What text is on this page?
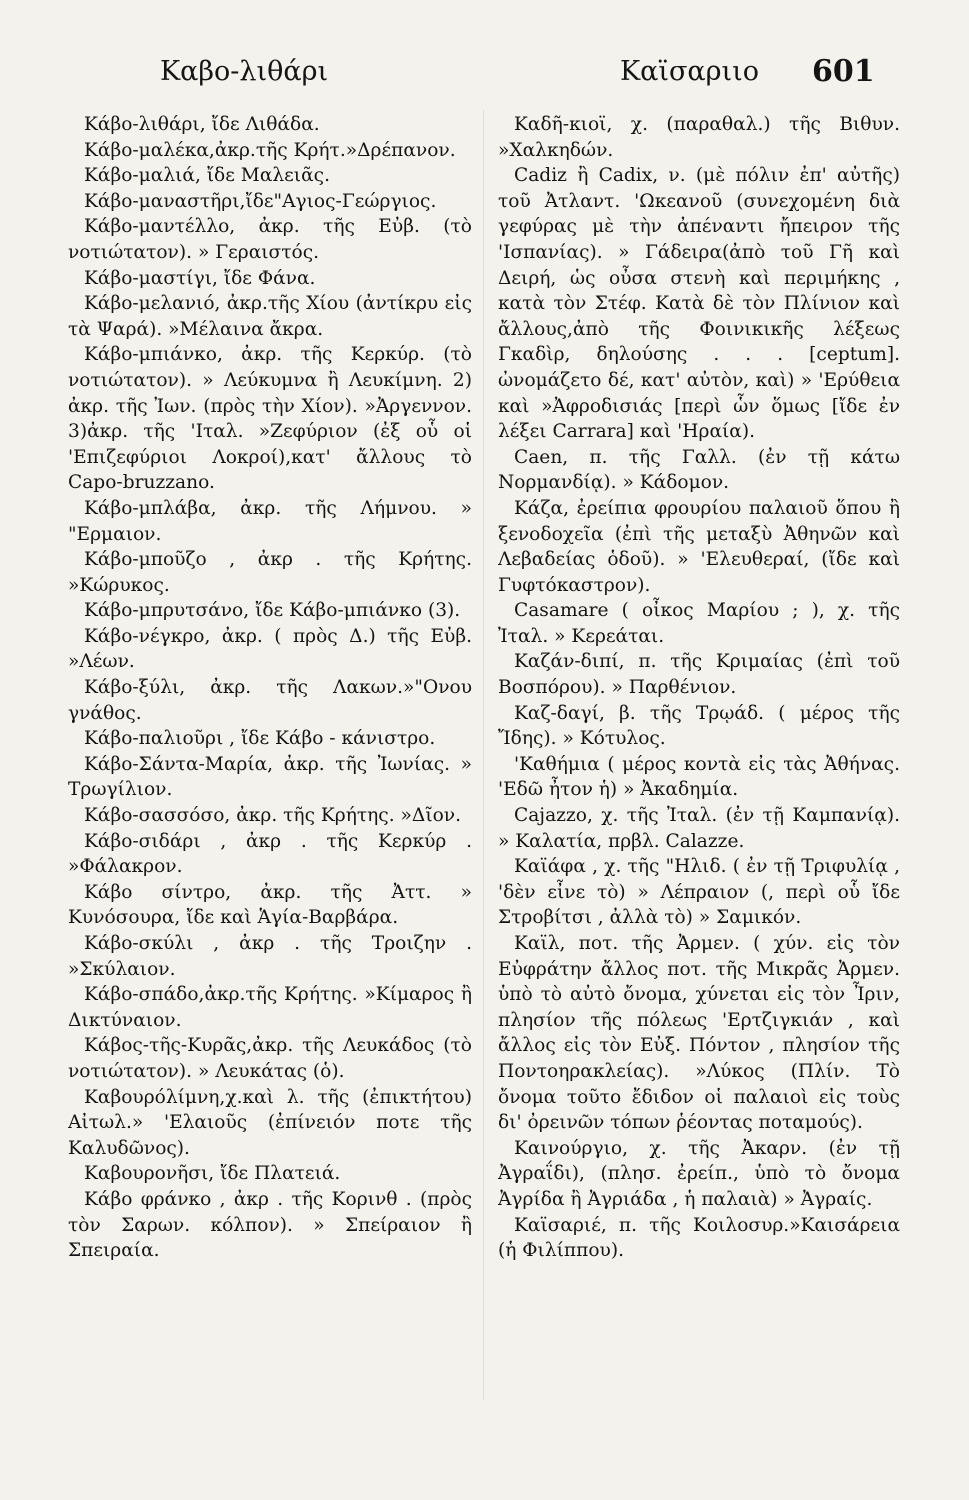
Καβο-λιθάρι	Καϊσαριιο 601

Κάβο-λιθάρι, ἴδε Λιθάδα.

Κάβο-μαλέκα,ἀκρ.τῆς Κρήτ.»Δρέπανον.

Κάβο-μαλιά, ἴδε Μαλειᾶς.

Κάβο-μαναστῆρι,ἴδε"Αγιος-Γεώργιος.

Κάβο-μαντέλλο, ἀκρ. τῆς Εὐβ. (τὸ νοτιώτατον). » Γεραιστός.

Κάβο-μαστίγι, ἴδε Φάνα.

Κάβο-μελανιό, ἀκρ.τῆς Χίου (ἀντίκρυ εἰς τὰ Ψαρά). »Μέλαινα ἄκρα.

Κάβο-μπιάνκο, ἀκρ. τῆς Κερκύρ. (τὸ νοτιώτατον). » Λεύκυμνα ἢ Λευκίμνη. 2) ἀκρ. τῆς Ἰων. (πρὸς τὴν Χίον). »Ἀργεννον. 3)ἀκρ. τῆς 'Ιταλ. »Ζεφύριον (ἐξ οὗ οἱ 'Επιζεφύριοι Λοκροί),κατ' ἄλλους τὸ Capo-bruzzano.

Κάβο-μπλάβα, ἀκρ. τῆς Λήμνου. » "Ερμαιον.

Κάβο-μποῦζο , ἀκρ . τῆς Κρήτης. »Κώρυκος.

Κάβο-μπρυτσάνο, ἴδε Κάβο-μπιάνκο (3).

Κάβο-νέγκρο, ἀκρ. ( πρὸς Δ.) τῆς Εὐβ. »Λέων.

Κάβο-ξύλι, ἀκρ. τῆς Λακων.»"Ονου γνάθος.

Κάβο-παλιοῦρι , ἴδε Κάβο - κάνιστρο.

Κάβο-Σάντα-Μαρία, ἀκρ. τῆς Ἰωνίας. » Τρωγίλιον.

Κάβο-σασσόσο, ἀκρ. τῆς Κρήτης. »Δῖον.

Κάβο-σιδάρι , ἀκρ . τῆς Κερκύρ . »Φάλακρον.

Κάβο σίντρο, ἀκρ. τῆς Ἀττ. » Κυνόσουρα, ἴδε καὶ Ἁγία-Βαρβάρα.

Κάβο-σκύλι , ἀκρ . τῆς Τροιζην . »Σκύλαιον.

Κάβο-σπάδο,ἀκρ.τῆς Κρήτης. »Κίμαρος ἢ Δικτύναιον.

Κάβος-τῆς-Κυρᾶς,ἀκρ. τῆς Λευκάδος (τὸ νοτιώτατον). » Λευκάτας (ὁ).

Καβουρόλίμνη,χ.καὶ λ. τῆς (ἐπικτήτου) Αἰτωλ.» 'Ελαιοῦς (ἐπίνειόν ποτε τῆς Καλυδῶνος).

Καβουρονῆσι, ἴδε Πλατειά.

Κάβο φράνκο , ἀκρ . τῆς Κορινθ . (πρὸς τὸν Σαρων. κόλπον). » Σπείραιον ἢ Σπειραία.

Καδῆ-κιοϊ, χ. (παραθαλ.) τῆς Βιθυν. »Χαλκηδών.

Cadiz ἢ Cadix, ν. (μὲ πόλιν ἐπ' αὐτῆς) τοῦ Ἀτλαντ. 'Ωκεανοῦ (συνεχομένη διὰ γεφύρας μὲ τὴν ἀπέναντι ἤπειρον τῆς 'Ισπανίας). » Γάδειρα(ἀπὸ τοῦ Γῆ καὶ Δειρή, ὡς οὖσα στενὴ καὶ περιμήκης , κατὰ τὸν Στέφ. Κατὰ δὲ τὸν Πλίνιον καὶ ἄλλους,ἀπὸ τῆς Φοινικικῆς λέξεως Γκαδὶρ, δηλούσης . . . [ceptum]. ὠνομάζετο δέ, κατ' αὐτὸν, καὶ) » 'Ερύθεια καὶ »Ἀφροδισιάς [περὶ ὧν ὅμως [ἴδε ἐν λέξει Carrara] καὶ 'Ηραία).

Caen, π. τῆς Γαλλ. (ἐν τῇ κάτω Νορμανδίᾳ). » Κάδομον.

Κάζα, ἐρείπια φρουρίου παλαιοῦ ὅπου ἢ ξενοδοχεῖα (ἐπὶ τῆς μεταξὺ Ἀθηνῶν καὶ Λεβαδείας ὁδοῦ). » 'Ελευθεραί, (ἴδε καὶ Γυφτόκαστρον).

Casamare ( οἶκος Μαρίου ; ), χ. τῆς Ἰταλ. » Κερεάται.

Καζάν-διπί, π. τῆς Κριμαίας (ἐπὶ τοῦ Βοσπόρου). » Παρθένιον.

Καζ-δαγί, β. τῆς Τρῳάδ. ( μέρος τῆς Ἴδης). » Κότυλος.

'Καθήμια ( μέρος κοντὰ εἰς τὰς Ἀθήνας. 'Εδῶ ἦτον ἡ) » Ἀκαδημία.

Cajazzo, χ. τῆς Ἰταλ. (ἐν τῇ Καμπανίᾳ). » Καλατία, πρβλ. Calazze.

Καϊάφα , χ. τῆς "Ηλιδ. ( ἐν τῇ Τριφυλίᾳ , 'δὲν εἶνε τὸ) » Λέπραιον (, περὶ οὗ ἴδε Στροβίτσι , ἀλλὰ τὸ) » Σαμικόν.

Καϊλ, ποτ. τῆς Ἀρμεν. ( χύν. εἰς τὸν Εὐφράτην ἄλλος ποτ. τῆς Μικρᾶς Ἀρμεν. ὑπὸ τὸ αὐτὸ ὄνομα, χύνεται εἰς τὸν Ἶριν, πλησίον τῆς πόλεως 'Ερτζιγκιάν , καὶ ἄλλος εἰς τὸν Εὐξ. Πόντον , πλησίον τῆς Ποντοηρακλείας). »Λύκος (Πλίν. Τὸ ὄνομα τοῦτο ἔδιδον οἱ παλαιοὶ εἰς τοὺς δι' ὀρεινῶν τόπων ῥέοντας ποταμούς).

Καινούργιο, χ. τῆς Ἀκαρν. (ἐν τῇ Ἀγραΐδι), (πλησ. ἐρείπ., ὑπὸ τὸ ὄνομα Ἀγρίδα ἢ Ἀγριάδα , ἡ παλαιὰ) » Ἀγραίς.

Καϊσαριέ, π. τῆς Κοιλοσυρ.»Καισάρεια (ἡ Φιλίππου).
